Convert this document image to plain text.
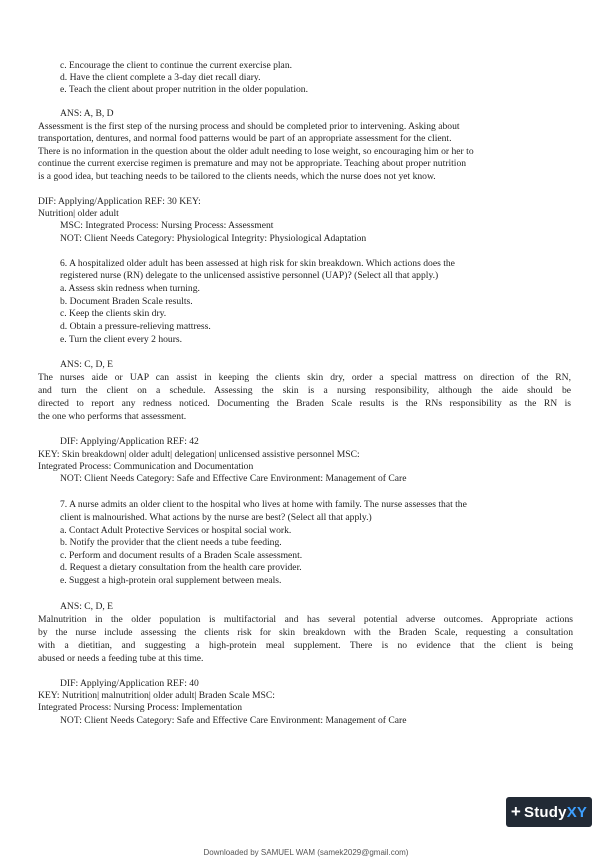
c. Encourage the client to continue the current exercise plan.
d. Have the client complete a 3-day diet recall diary.
e. Teach the client about proper nutrition in the older population.
ANS: A, B, D
Assessment is the first step of the nursing process and should be completed prior to intervening. Asking about
transportation, dentures, and normal food patterns would be part of an appropriate assessment for the client.
There is no information in the question about the older adult needing to lose weight, so encouraging him or her to
continue the current exercise regimen is premature and may not be appropriate. Teaching about proper nutrition
is a good idea, but teaching needs to be tailored to the clients needs, which the nurse does not yet know.
DIF: Applying/Application REF: 30 KEY:
Nutrition| older adult
MSC: Integrated Process: Nursing Process: Assessment
NOT: Client Needs Category: Physiological Integrity: Physiological Adaptation
6. A hospitalized older adult has been assessed at high risk for skin breakdown. Which actions does the
registered nurse (RN) delegate to the unlicensed assistive personnel (UAP)? (Select all that apply.)
a. Assess skin redness when turning.
b. Document Braden Scale results.
c. Keep the clients skin dry.
d. Obtain a pressure-relieving mattress.
e. Turn the client every 2 hours.
ANS: C, D, E
The nurses aide or UAP can assist in keeping the clients skin dry, order a special mattress on direction of the RN,
and turn the client on a schedule. Assessing the skin is a nursing responsibility, although the aide should be
directed to report any redness noticed. Documenting the Braden Scale results is the RNs responsibility as the RN is
the one who performs that assessment.
DIF: Applying/Application REF: 42
KEY: Skin breakdown| older adult| delegation| unlicensed assistive personnel MSC:
Integrated Process: Communication and Documentation
NOT: Client Needs Category: Safe and Effective Care Environment: Management of Care
7. A nurse admits an older client to the hospital who lives at home with family. The nurse assesses that the
client is malnourished. What actions by the nurse are best? (Select all that apply.)
a. Contact Adult Protective Services or hospital social work.
b. Notify the provider that the client needs a tube feeding.
c. Perform and document results of a Braden Scale assessment.
d. Request a dietary consultation from the health care provider.
e. Suggest a high-protein oral supplement between meals.
ANS: C, D, E
Malnutrition in the older population is multifactorial and has several potential adverse outcomes. Appropriate actions
by the nurse include assessing the clients risk for skin breakdown with the Braden Scale, requesting a consultation
with a dietitian, and suggesting a high-protein meal supplement. There is no evidence that the client is being
abused or needs a feeding tube at this time.
DIF: Applying/Application REF: 40
KEY: Nutrition| malnutrition| older adult| Braden Scale MSC:
Integrated Process: Nursing Process: Implementation
NOT: Client Needs Category: Safe and Effective Care Environment: Management of Care
+ Study XY
Downloaded by SAMUEL WAM (samek2029@gmail.com)
